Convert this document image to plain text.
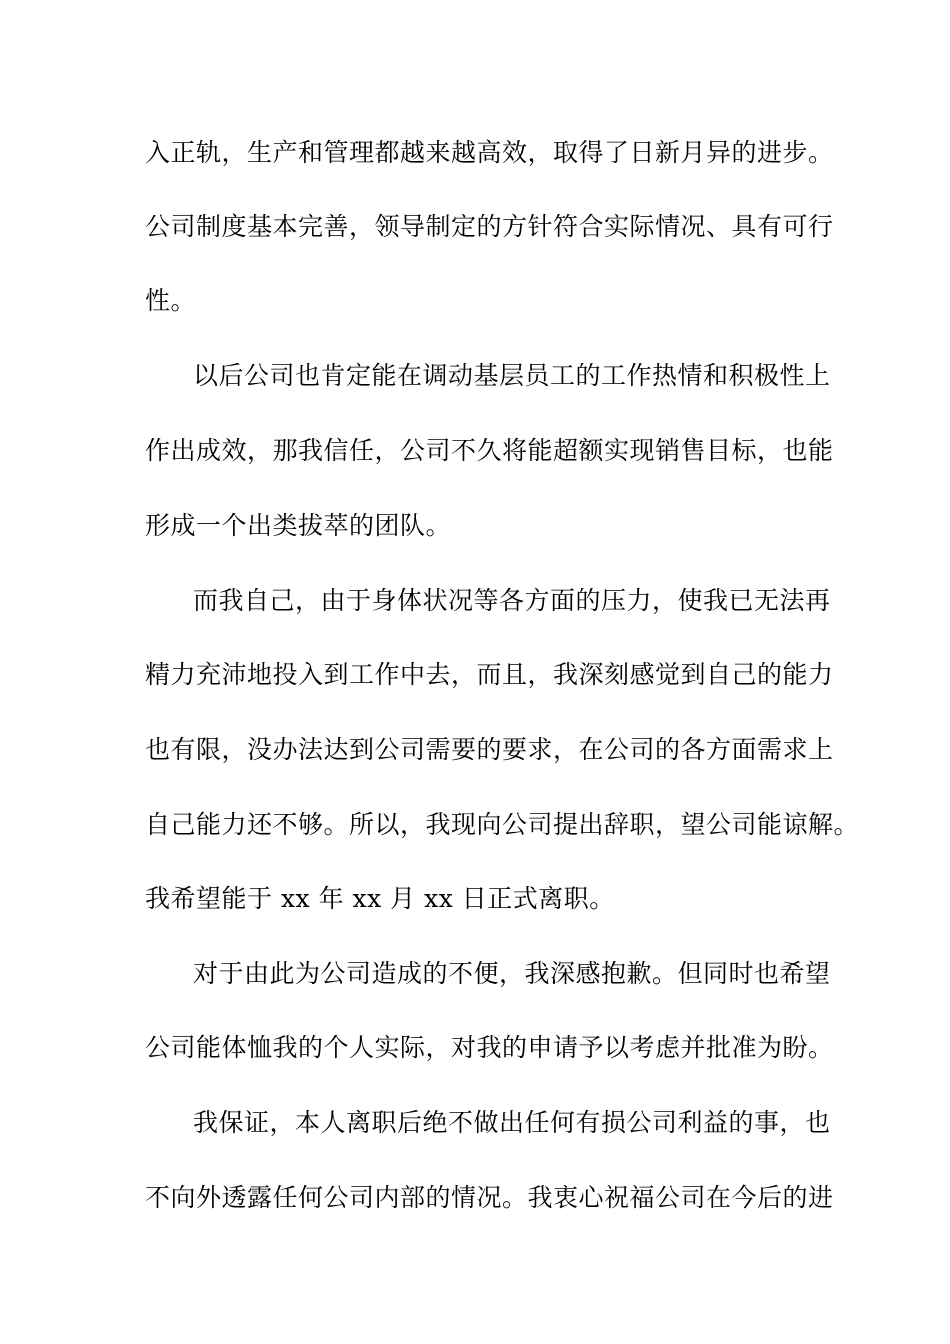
入正轨，生产和管理都越来越高效，取得了日新月异的进步。
公司制度基本完善，领导制定的方针符合实际情况、具有可行
性。
以后公司也肯定能在调动基层员工的工作热情和积极性上
作出成效，那我信任，公司不久将能超额实现销售目标，也能
形成一个出类拔萃的团队。
而我自己，由于身体状况等各方面的压力，使我已无法再
精力充沛地投入到工作中去，而且，我深刻感觉到自己的能力
也有限，没办法达到公司需要的要求，在公司的各方面需求上
自己能力还不够。所以，我现向公司提出辞职，望公司能谅解。
我希望能于 xx 年 xx 月 xx 日正式离职。
对于由此为公司造成的不便，我深感抱歉。但同时也希望
公司能体恤我的个人实际，对我的申请予以考虑并批准为盼。
我保证，本人离职后绝不做出任何有损公司利益的事，也
不向外透露任何公司内部的情况。我衷心祝福公司在今后的进
